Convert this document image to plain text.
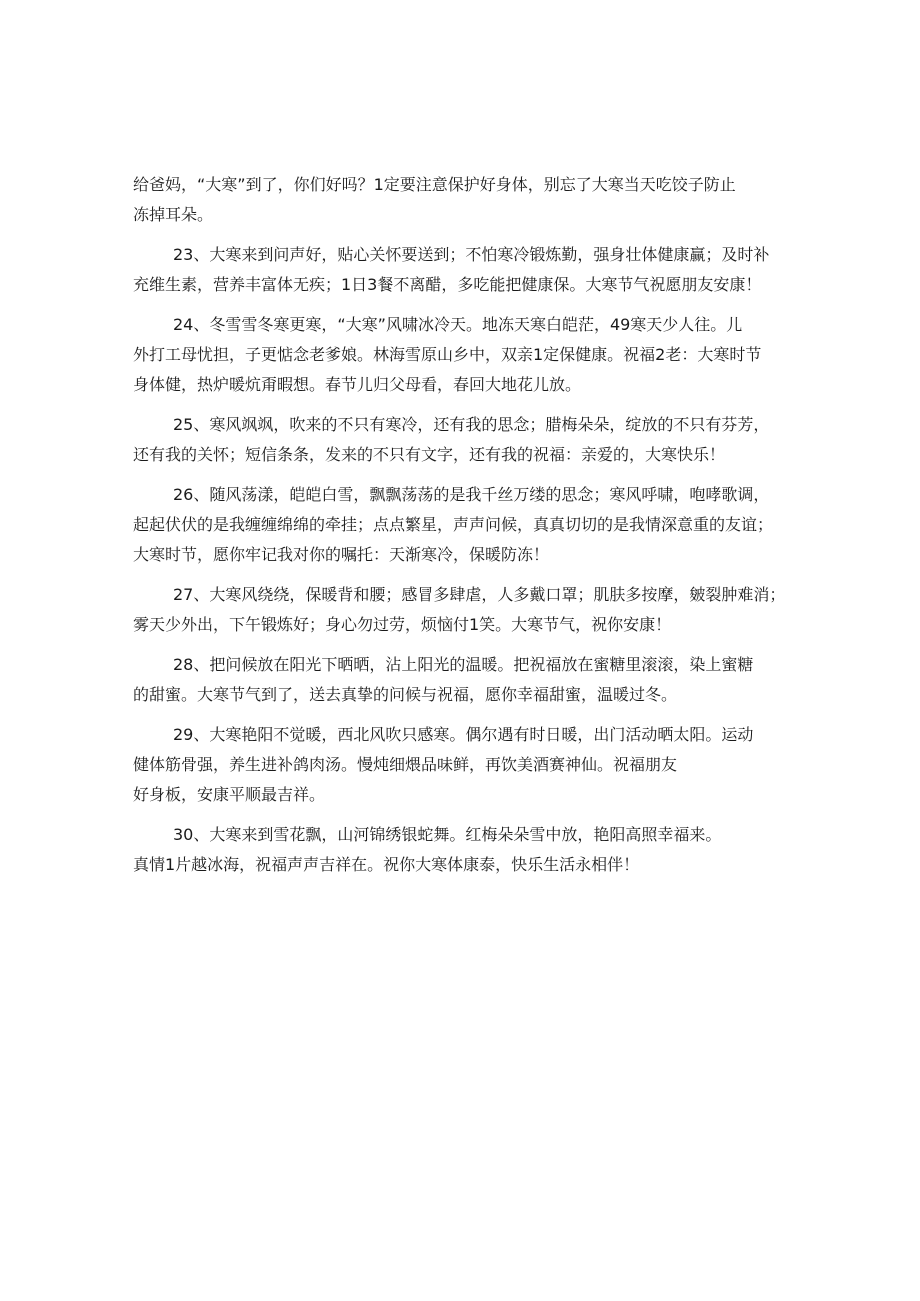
给爸妈，“大寒”到了，你们好吗？1定要注意保护好身体，别忘了大寒当天吃饺子防止
冻掉耳朵。
23、大寒来到问声好，贴心关怀要送到；不怕寒冷锻炼勤，强身壮体健康赢；及时补
充维生素，营养丰富体无疾；1日3餐不离醋，多吃能把健康保。大寒节气祝愿朋友安康！
24、冬雪雪冬寒更寒，“大寒”风啸冰冷天。地冻天寒白皑茫，49寒天少人往。儿
外打工母忧担，子更惦念老爹娘。林海雪原山乡中，双亲1定保健康。祝福2老：大寒时节
身体健，热炉暖炕甭暇想。春节儿归父母看，春回大地花儿放。
25、寒风飒飒，吹来的不只有寒冷，还有我的思念；腊梅朵朵，绽放的不只有芬芳，
还有我的关怀；短信条条，发来的不只有文字，还有我的祝福：亲爱的，大寒快乐！
26、随风荡漾，皑皑白雪，飘飘荡荡的是我千丝万缕的思念；寒风呼啸，咆哮歌调，
起起伏伏的是我缠缠绵绵的牵挂；点点繁星，声声问候，真真切切的是我情深意重的友谊；
大寒时节，愿你牢记我对你的嘱托：天渐寒冷，保暖防冻！
27、大寒风绕绕，保暖背和腰；感冒多肆虐，人多戴口罩；肌肤多按摩，皴裂肿难消；
雾天少外出，下午锻炼好；身心勿过劳，烦恼付1笑。大寒节气，祝你安康！
28、把问候放在阳光下晒晒，沾上阳光的温暖。把祝福放在蜜糖里滚滚，染上蜜糖
的甜蜜。大寒节气到了，送去真挚的问候与祝福，愿你幸福甜蜜，温暖过冬。
29、大寒艳阳不觉暖，西北风吹只感寒。偶尔遇有时日暖，出门活动晒太阳。运动
健体筋骨强，养生进补鸽肉汤。慢炖细煨品味鲜，再饮美酒赛神仙。祝福朋友
好身板，安康平顺最吉祥。
30、大寒来到雪花飘，山河锦绣银蛇舞。红梅朵朵雪中放，艳阳高照幸福来。
真情1片越冰海，祝福声声吉祥在。祝你大寒体康泰，快乐生活永相伴！
